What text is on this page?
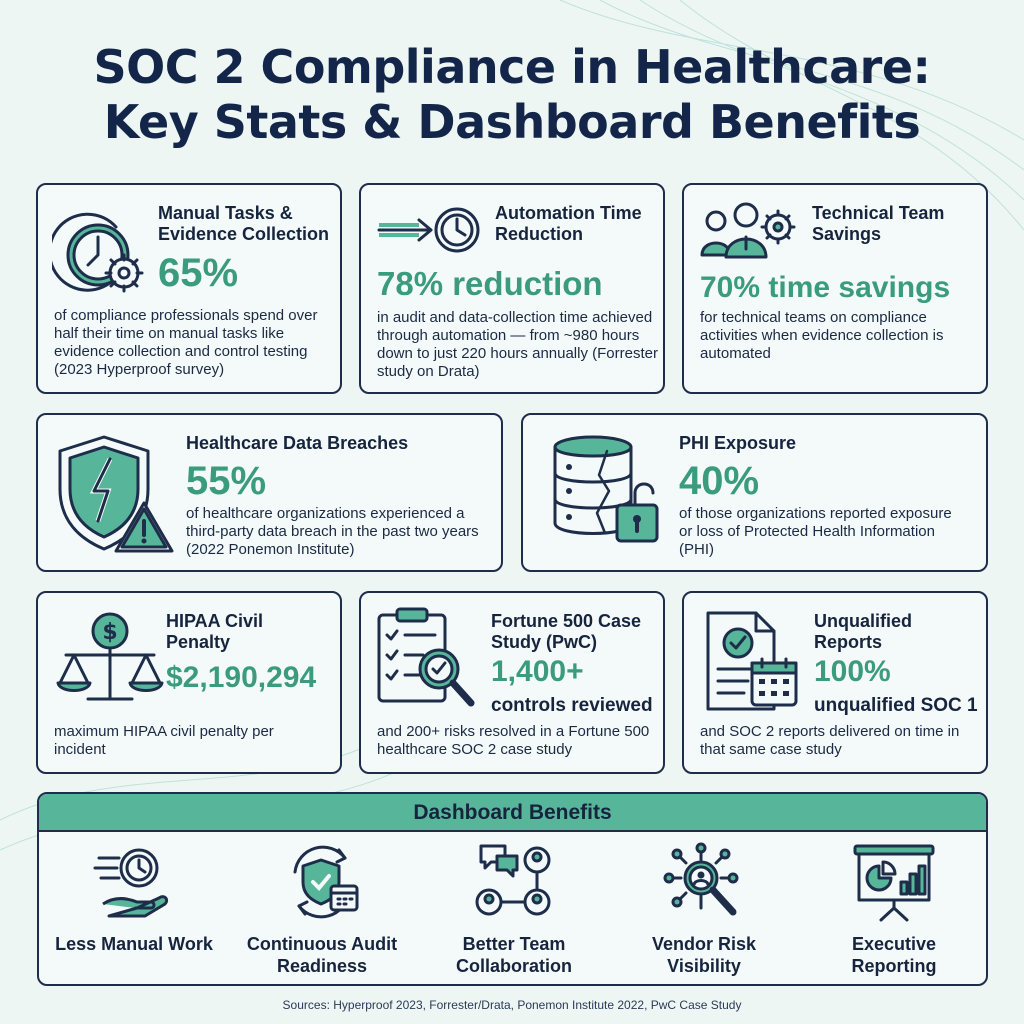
SOC 2 Compliance in Healthcare:
Key Stats & Dashboard Benefits
Manual Tasks & Evidence Collection
65%
of compliance professionals spend over half their time on manual tasks like evidence collection and control testing (2023 Hyperproof survey)
Automation Time Reduction
78% reduction
in audit and data-collection time achieved through automation — from ~980 hours down to just 220 hours annually (Forrester study on Drata)
Technical Team Savings
70% time savings
for technical teams on compliance activities when evidence collection is automated
Healthcare Data Breaches
55%
of healthcare organizations experienced a third-party data breach in the past two years (2022 Ponemon Institute)
PHI Exposure
40%
of those organizations reported exposure or loss of Protected Health Information (PHI)
$	HIPAA Civil Penalty
$2,190,294
maximum HIPAA civil penalty per incident
Fortune 500 Case Study (PwC)
1,400+
controls reviewed
and 200+ risks resolved in a Fortune 500 healthcare SOC 2 case study
Unqualified Reports
100%
unqualified SOC 1
and SOC 2 reports delivered on time in that same case study
Dashboard Benefits
Less Manual Work Continuous Audit Readiness
Better Team Collaboration
Vendor Risk Visibility
Executive Reporting
Sources: Hyperproof 2023, Forrester/Drata, Ponemon Institute 2022, PwC Case Study
